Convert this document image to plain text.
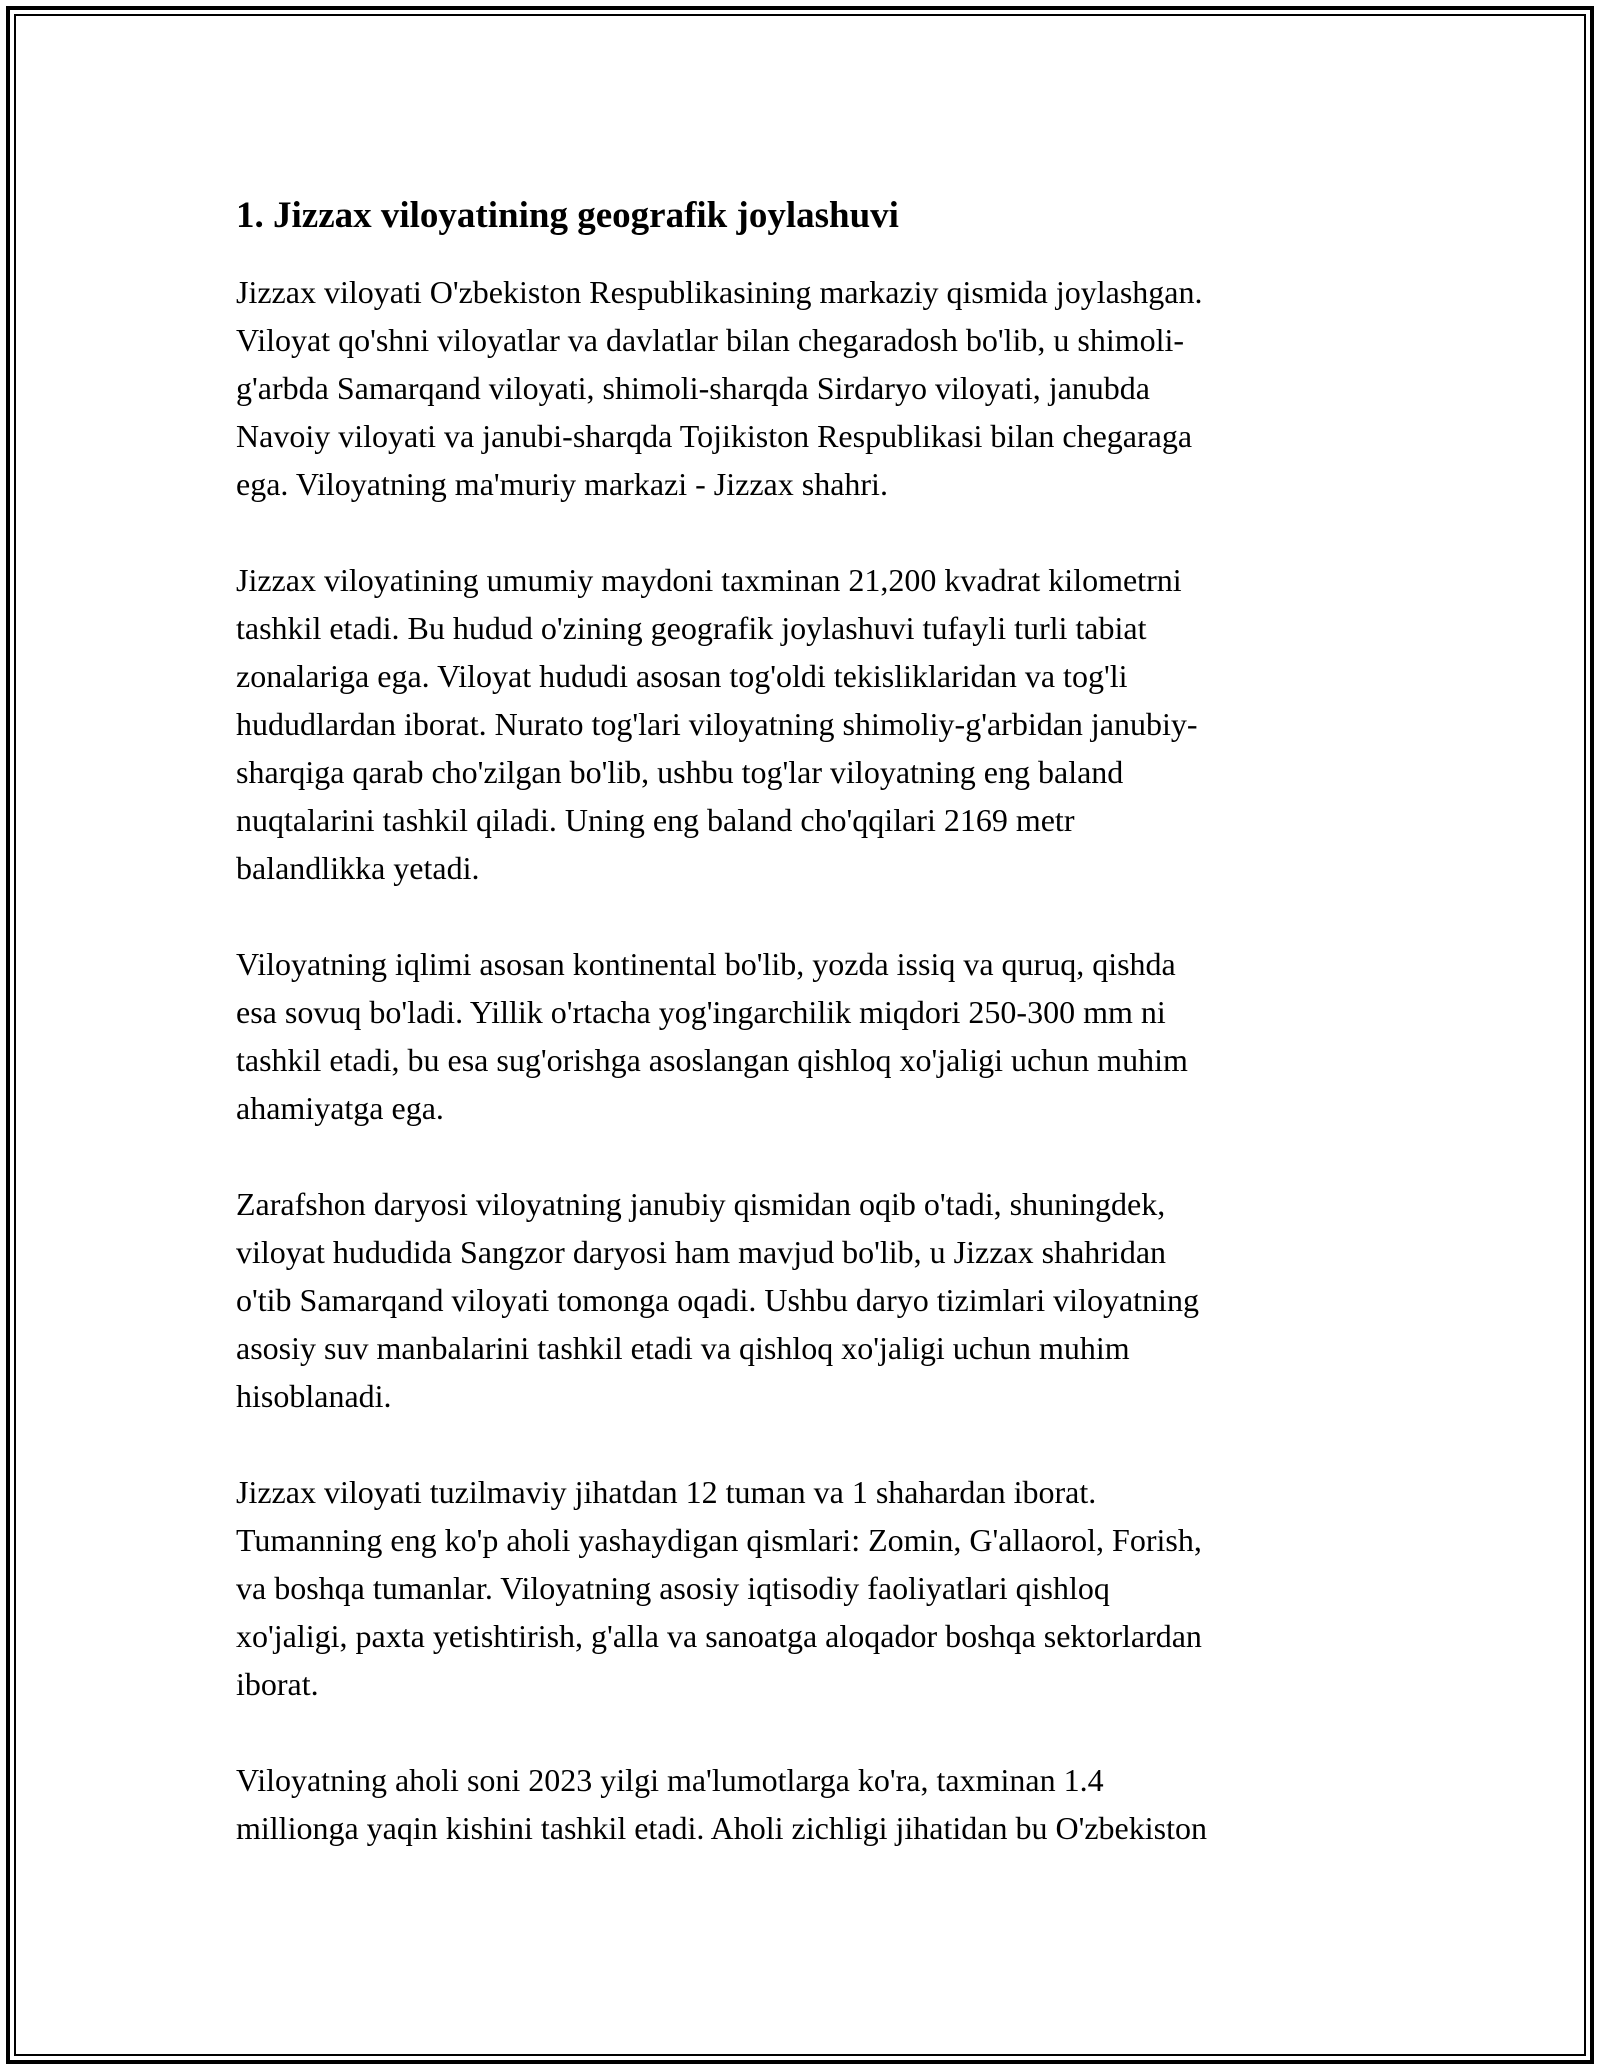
1. Jizzax viloyatining geografik joylashuvi

Jizzax viloyati O'zbekiston Respublikasining markaziy qismida joylashgan.
Viloyat qo'shni viloyatlar va davlatlar bilan chegaradosh bo'lib, u shimoli-
g'arbda Samarqand viloyati, shimoli-sharqda Sirdaryo viloyati, janubda
Navoiy viloyati va janubi-sharqda Tojikiston Respublikasi bilan chegaraga
ega. Viloyatning ma'muriy markazi - Jizzax shahri.

Jizzax viloyatining umumiy maydoni taxminan 21,200 kvadrat kilometrni
tashkil etadi. Bu hudud o'zining geografik joylashuvi tufayli turli tabiat
zonalariga ega. Viloyat hududi asosan tog'oldi tekisliklaridan va tog'li
hududlardan iborat. Nurato tog'lari viloyatning shimoliy-g'arbidan janubiy-
sharqiga qarab cho'zilgan bo'lib, ushbu tog'lar viloyatning eng baland
nuqtalarini tashkil qiladi. Uning eng baland cho'qqilari 2169 metr
balandlikka yetadi.

Viloyatning iqlimi asosan kontinental bo'lib, yozda issiq va quruq, qishda
esa sovuq bo'ladi. Yillik o'rtacha yog'ingarchilik miqdori 250-300 mm ni
tashkil etadi, bu esa sug'orishga asoslangan qishloq xo'jaligi uchun muhim
ahamiyatga ega.

Zarafshon daryosi viloyatning janubiy qismidan oqib o'tadi, shuningdek,
viloyat hududida Sangzor daryosi ham mavjud bo'lib, u Jizzax shahridan
o'tib Samarqand viloyati tomonga oqadi. Ushbu daryo tizimlari viloyatning
asosiy suv manbalarini tashkil etadi va qishloq xo'jaligi uchun muhim
hisoblanadi.

Jizzax viloyati tuzilmaviy jihatdan 12 tuman va 1 shahardan iborat.
Tumanning eng ko'p aholi yashaydigan qismlari: Zomin, G'allaorol, Forish,
va boshqa tumanlar. Viloyatning asosiy iqtisodiy faoliyatlari qishloq
xo'jaligi, paxta yetishtirish, g'alla va sanoatga aloqador boshqa sektorlardan
iborat.

Viloyatning aholi soni 2023 yilgi ma'lumotlarga ko'ra, taxminan 1.4
millionga yaqin kishini tashkil etadi. Aholi zichligi jihatidan bu O'zbekiston
